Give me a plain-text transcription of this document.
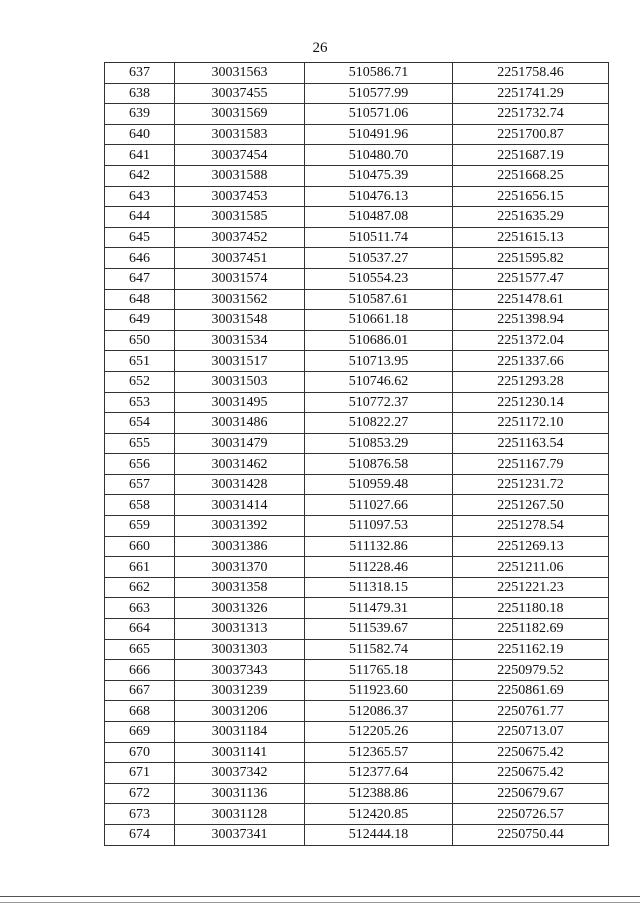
26
637	30031563	510586.71	2251758.46
638	30037455	510577.99	2251741.29
639	30031569	510571.06	2251732.74
640	30031583	510491.96	2251700.87
641	30037454	510480.70	2251687.19
642	30031588	510475.39	2251668.25
643	30037453	510476.13	2251656.15
644	30031585	510487.08	2251635.29
645	30037452	510511.74	2251615.13
646	30037451	510537.27	2251595.82
647	30031574	510554.23	2251577.47
648	30031562	510587.61	2251478.61
649	30031548	510661.18	2251398.94
650	30031534	510686.01	2251372.04
651	30031517	510713.95	2251337.66
652	30031503	510746.62	2251293.28
653	30031495	510772.37	2251230.14
654	30031486	510822.27	2251172.10
655	30031479	510853.29	2251163.54
656	30031462	510876.58	2251167.79
657	30031428	510959.48	2251231.72
658	30031414	511027.66	2251267.50
659	30031392	511097.53	2251278.54
660	30031386	511132.86	2251269.13
661	30031370	511228.46	2251211.06
662	30031358	511318.15	2251221.23
663	30031326	511479.31	2251180.18
664	30031313	511539.67	2251182.69
665	30031303	511582.74	2251162.19
666	30037343	511765.18	2250979.52
667	30031239	511923.60	2250861.69
668	30031206	512086.37	2250761.77
669	30031184	512205.26	2250713.07
670	30031141	512365.57	2250675.42
671	30037342	512377.64	2250675.42
672	30031136	512388.86	2250679.67
673	30031128	512420.85	2250726.57
674	30037341	512444.18	2250750.44
